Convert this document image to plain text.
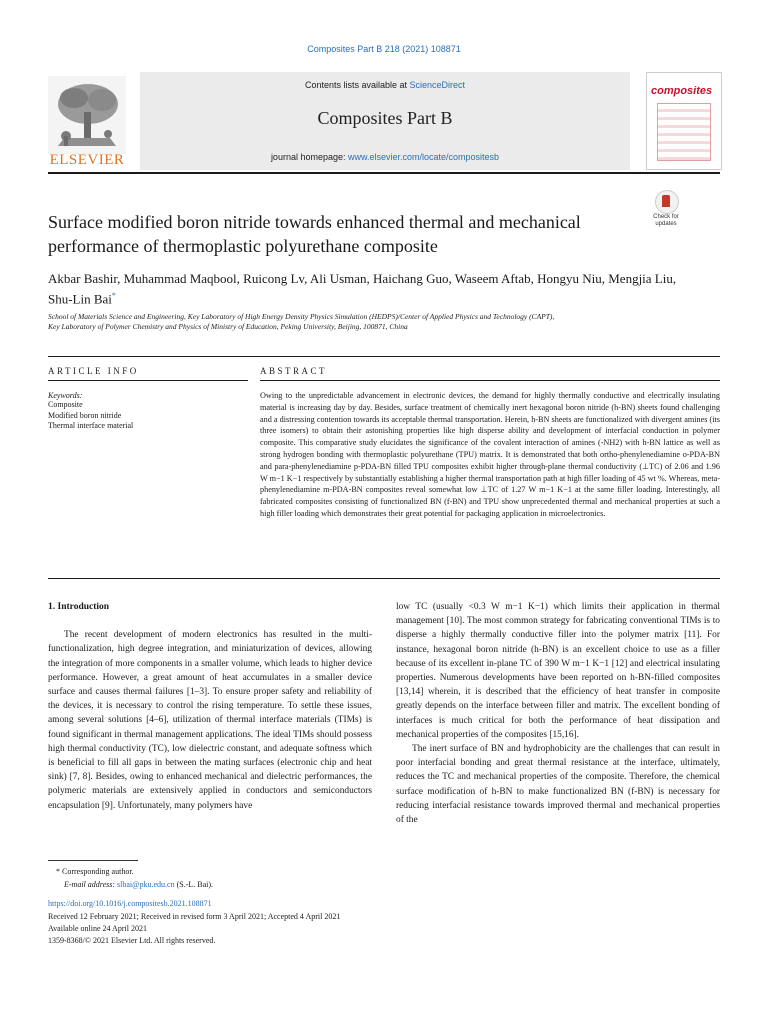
Composites Part B 218 (2021) 108871
ELSEVIER
Contents lists available at ScienceDirect
Composites Part B
journal homepage: www.elsevier.com/locate/compositesb
composites
Surface modified boron nitride towards enhanced thermal and mechanical performance of thermoplastic polyurethane composite
Check for updates
Akbar Bashir, Muhammad Maqbool, Ruicong Lv, Ali Usman, Haichang Guo, Waseem Aftab, Hongyu Niu, Mengjia Liu, Shu-Lin Bai*
School of Materials Science and Engineering, Key Laboratory of High Energy Density Physics Simulation (HEDPS)/Center of Applied Physics and Technology (CAPT),
Key Laboratory of Polymer Chemistry and Physics of Ministry of Education, Peking University, Beijing, 100871, China
ARTICLE INFO	ABSTRACT
Keywords:
Composite
Modified boron nitride
Thermal interface material
Owing to the unpredictable advancement in electronic devices, the demand for highly thermally conductive and electrically insulating material is increasing day by day. Besides, surface treatment of chemically inert hexagonal boron nitride (h-BN) sheets found challenging and a distressing contention towards its acceptable thermal transportation. Herein, h-BN sheets are functionalized with divergent amines (its three isomers) to obtain their astonishing properties like high disperse ability and development of interfacial conduction in polymer composite. This comparative study elucidates the significance of the covalent interaction of amines (-NH2) with h-BN lattice as well as strong hydrogen bonding with thermoplastic polyurethane (TPU) matrix. It is demonstrated that both ortho-phenylenediamine o-PDA-BN and para-phenylenediamine p-PDA-BN filled TPU composites exhibit higher through-plane thermal conductivity (⊥TC) of 2.06 and 1.96 W m−1 K−1 respectively by substantially establishing a higher thermal transportation path at high filler loading of 45 wt %. Whereas, meta-phenylenediamine m-PDA-BN composites reveal somewhat low ⊥TC of 1.27 W m−1 K−1 at the same filler loading. Interestingly, all fabricated composites consisting of functionalized BN (f-BN) and TPU show unprecedented thermal and mechanical properties at such a high filler loading which demonstrates their great potential for packaging application in microelectronics.

1. Introduction

The recent development of modern electronics has resulted in the multi-functionalization, high degree integration, and miniaturization of devices, allowing the integration of more components in a smaller volume, which leads to higher device performance. However, a great amount of heat accumulates in a smaller device surface and causes thermal failures [1–3]. To ensure proper safety and reliability of the devices, it is necessary to control the rising temperature. To settle these issues, among several solutions [4–6], utilization of thermal interface materials (TIMs) is found significant in thermal management applications. The ideal TIMs should possess high thermal conductivity (TC), low dielectric constant, and adequate softness which is beneficial to fill all gaps in between the mating surfaces (electronic chip and heat sink) [7, 8]. Besides, owing to enhanced mechanical and dielectric performances, the polymeric materials are extensively applied in conductors and semiconductors encapsulation [9]. Unfortunately, many polymers have

low TC (usually <0.3 W m−1 K−1) which limits their application in thermal management [10]. The most common strategy for fabricating conventional TIMs is to disperse a highly thermally conductive filler into the polymer matrix [11]. For instance, hexagonal boron nitride (h-BN) is an excellent choice to use as a filler because of its excellent in-plane TC of 390 W m−1 K−1 [12] and electrical insulating properties. Numerous developments have been reported on h-BN-filled composites [13,14] wherein, it is described that the efficiency of heat transfer in composite greatly depends on the interface between filler and matrix. The excellent bonding of interfaces is much critical for both the performance of heat dissipation and mechanical properties of the composites [15,16].

The inert surface of BN and hydrophobicity are the challenges that can result in poor interfacial bonding and great thermal resistance at the interface, ultimately, reduces the TC and mechanical properties of the composite. Therefore, the chemical surface modification of h-BN to make functionalized BN (f-BN) is necessary for reducing interfacial resistance towards improved thermal and mechanical properties of the

* Corresponding author.
E-mail address: slbai@pku.edu.cn (S.-L. Bai).
https://doi.org/10.1016/j.compositesb.2021.108871
Received 12 February 2021; Received in revised form 3 April 2021; Accepted 4 April 2021
Available online 24 April 2021
1359-8368/© 2021 Elsevier Ltd. All rights reserved.
